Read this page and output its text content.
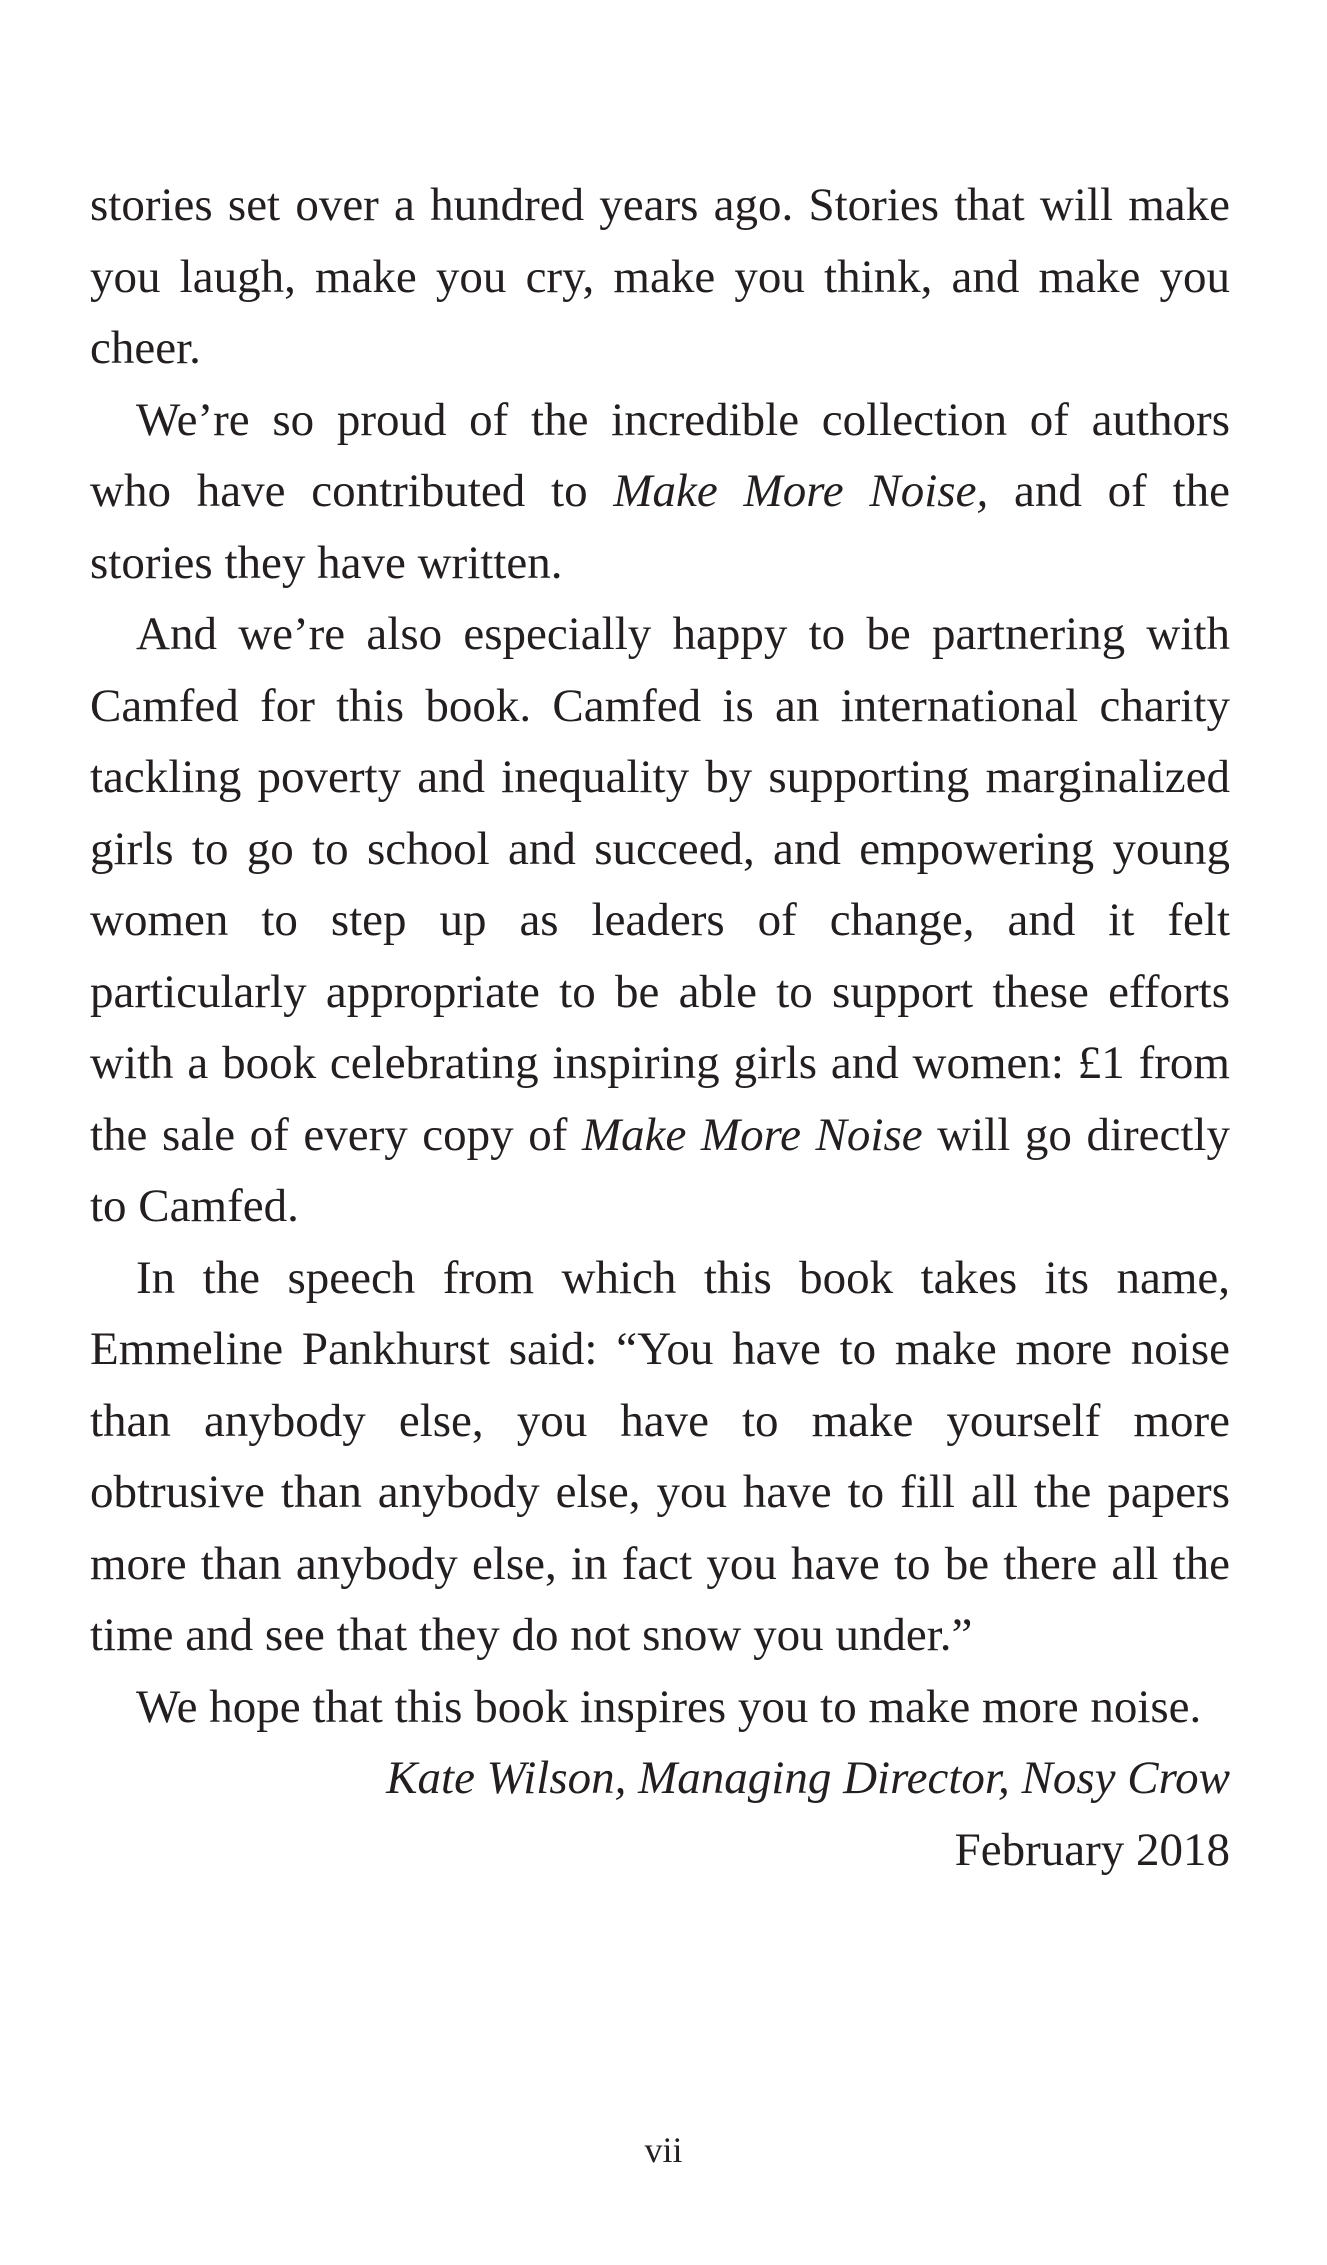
stories set over a hundred years ago. Stories that will make you laugh, make you cry, make you think, and make you cheer.

We’re so proud of the incredible collection of authors who have contributed to Make More Noise, and of the stories they have written.

And we’re also especially happy to be partnering with Camfed for this book. Camfed is an international charity tackling poverty and inequality by supporting marginalized girls to go to school and succeed, and empowering young women to step up as leaders of change, and it felt particularly appropriate to be able to support these efforts with a book celebrating inspiring girls and women: £1 from the sale of every copy of Make More Noise will go directly to Camfed.

In the speech from which this book takes its name, Emmeline Pankhurst said: “You have to make more noise than anybody else, you have to make yourself more obtrusive than anybody else, you have to fill all the papers more than anybody else, in fact you have to be there all the time and see that they do not snow you under.”

We hope that this book inspires you to make more noise.

Kate Wilson, Managing Director, Nosy Crow
February 2018
vii
